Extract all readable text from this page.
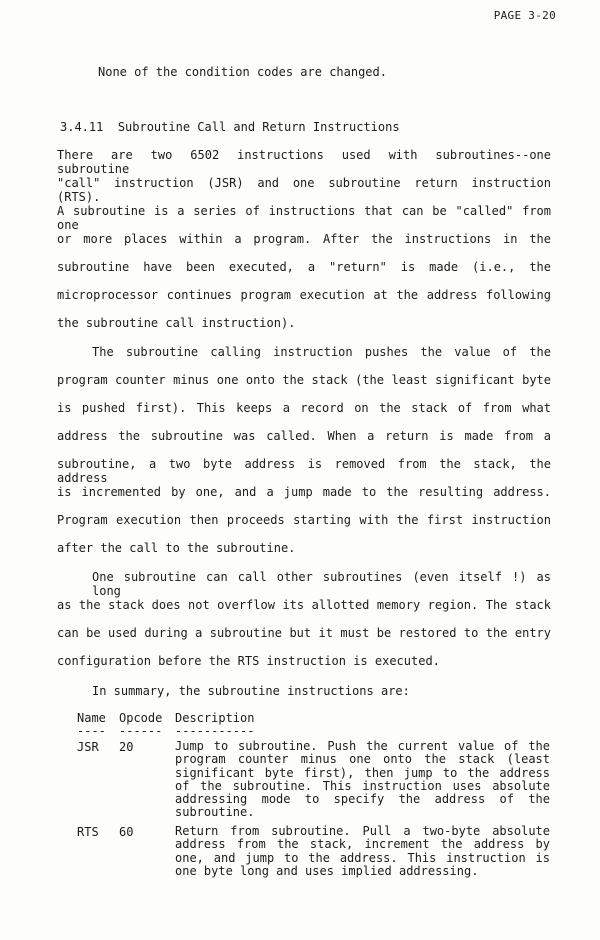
PAGE 3-20
None of the condition codes are changed.
3.4.11 Subroutine Call and Return Instructions
There are two 6502 instructions used with subroutines--one subroutine
"call" instruction (JSR) and one subroutine return instruction (RTS).
A subroutine is a series of instructions that can be "called" from one
or more places within a program. After the instructions in the
subroutine have been executed, a "return" is made (i.e., the
microprocessor continues program execution at the address following
the subroutine call instruction).
The subroutine calling instruction pushes the value of the
program counter minus one onto the stack (the least significant byte
is pushed first). This keeps a record on the stack of from what
address the subroutine was called. When a return is made from a
subroutine, a two byte address is removed from the stack, the address
is incremented by one, and a jump made to the resulting address.
Program execution then proceeds starting with the first instruction
after the call to the subroutine.
One subroutine can call other subroutines (even itself !) as long
as the stack does not overflow its allotted memory region. The stack
can be used during a subroutine but it must be restored to the entry
configuration before the RTS instruction is executed.
In summary, the subroutine instructions are:
Name Opcode Description
---- ------ -----------
JSR 20	Jump to subroutine. Push the current value of the program counter minus one onto the stack (least significant byte first), then jump to the address of the subroutine. This instruction uses absolute addressing mode to specify the address of the subroutine.
RTS 60	Return from subroutine. Pull a two-byte absolute address from the stack, increment the address by one, and jump to the address. This instruction is one byte long and uses implied addressing.
